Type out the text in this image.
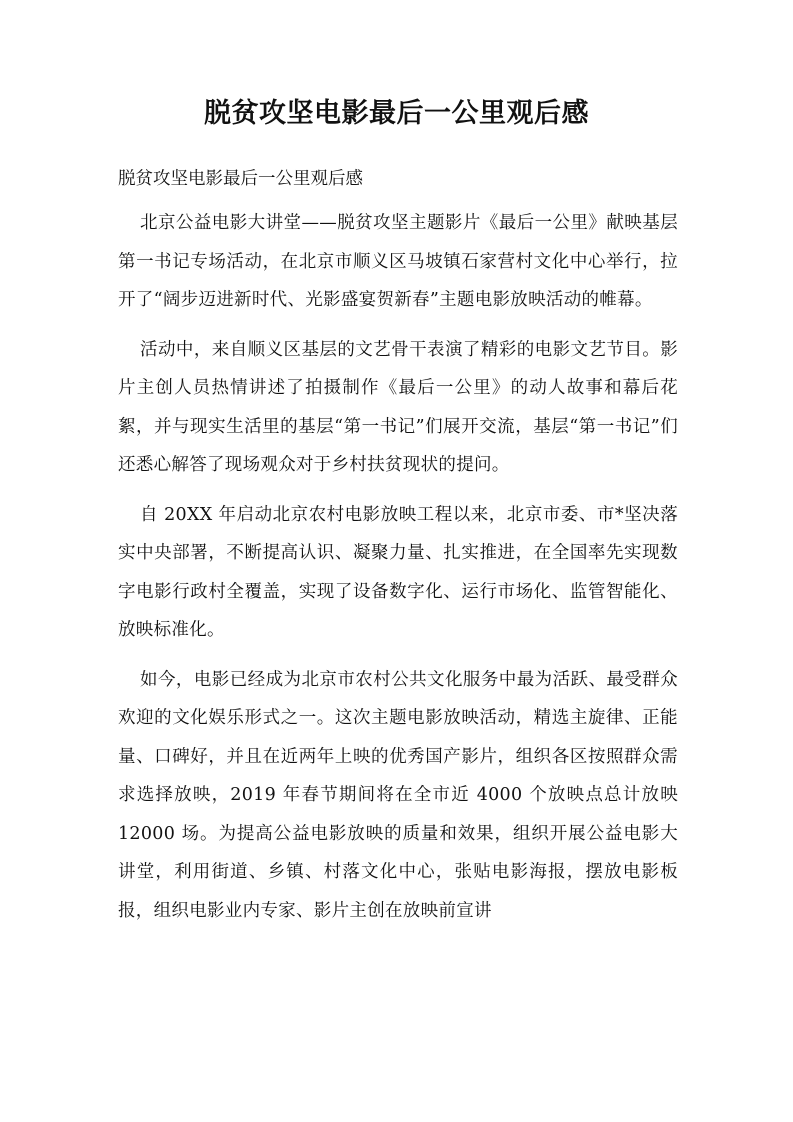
脱贫攻坚电影最后一公里观后感

脱贫攻坚电影最后一公里观后感

北京公益电影大讲堂——脱贫攻坚主题影片《最后一公里》献映基层第一书记专场活动，在北京市顺义区马坡镇石家营村文化中心举行，拉开了“阔步迈进新时代、光影盛宴贺新春”主题电影放映活动的帷幕。

活动中，来自顺义区基层的文艺骨干表演了精彩的电影文艺节目。影片主创人员热情讲述了拍摄制作《最后一公里》的动人故事和幕后花絮，并与现实生活里的基层“第一书记”们展开交流，基层“第一书记”们还悉心解答了现场观众对于乡村扶贫现状的提问。

自 20XX 年启动北京农村电影放映工程以来，北京市委、市*坚决落实中央部署，不断提高认识、凝聚力量、扎实推进，在全国率先实现数字电影行政村全覆盖，实现了设备数字化、运行市场化、监管智能化、放映标准化。

如今，电影已经成为北京市农村公共文化服务中最为活跃、最受群众欢迎的文化娱乐形式之一。这次主题电影放映活动，精选主旋律、正能量、口碑好，并且在近两年上映的优秀国产影片，组织各区按照群众需求选择放映，2019 年春节期间将在全市近 4000 个放映点总计放映 12000 场。为提高公益电影放映的质量和效果，组织开展公益电影大讲堂，利用街道、乡镇、村落文化中心，张贴电影海报，摆放电影板报，组织电影业内专家、影片主创在放映前宣讲
